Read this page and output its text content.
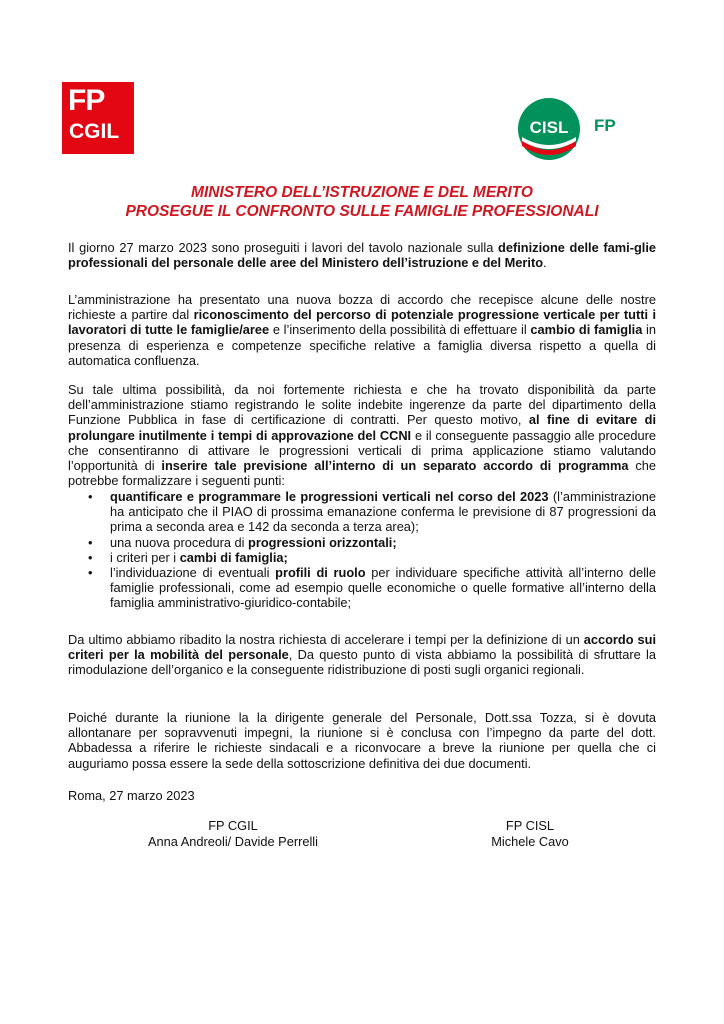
FP
CGIL	CISL FP
MINISTERO DELL’ISTRUZIONE E DEL MERITO
PROSEGUE IL CONFRONTO SULLE FAMIGLIE PROFESSIONALI

Il giorno 27 marzo 2023 sono proseguiti i lavori del tavolo nazionale sulla definizione delle fami-glie professionali del personale delle aree del Ministero dell’istruzione e del Merito.

L’amministrazione ha presentato una nuova bozza di accordo che recepisce alcune delle nostre richieste a partire dal riconoscimento del percorso di potenziale progressione verticale per tutti i lavoratori di tutte le famiglie/aree e l’inserimento della possibilità di effettuare il cambio di famiglia in presenza di esperienza e competenze specifiche relative a famiglia diversa rispetto a quella di automatica confluenza.

Su tale ultima possibilità, da noi fortemente richiesta e che ha trovato disponibilità da parte dell’amministrazione stiamo registrando le solite indebite ingerenze da parte del dipartimento della Funzione Pubblica in fase di certificazione di contratti. Per questo motivo, al fine di evitare di prolungare inutilmente i tempi di approvazione del CCNI e il conseguente passaggio alle procedure che consentiranno di attivare le progressioni verticali di prima applicazione stiamo valutando l’opportunità di inserire tale previsione all’interno di un separato accordo di programma che potrebbe formalizzare i seguenti punti:

• quantificare e programmare le progressioni verticali nel corso del 2023 (l’amministrazione ha anticipato che il PIAO di prossima emanazione conferma le previsione di 87 progressioni da prima a seconda area e 142 da seconda a terza area);
• una nuova procedura di progressioni orizzontali;
• i criteri per i cambi di famiglia;
• l’individuazione di eventuali profili di ruolo per individuare specifiche attività all’interno delle famiglie professionali, come ad esempio quelle economiche o quelle formative all’interno della famiglia amministrativo-giuridico-contabile;

Da ultimo abbiamo ribadito la nostra richiesta di accelerare i tempi per la definizione di un accordo sui criteri per la mobilità del personale, Da questo punto di vista abbiamo la possibilità di sfruttare la rimodulazione dell’organico e la conseguente ridistribuzione di posti sugli organici regionali.

Poiché durante la riunione la la dirigente generale del Personale, Dott.ssa Tozza, si è dovuta allontanare per sopravvenuti impegni, la riunione si è conclusa con l’impegno da parte del dott. Abbadessa a riferire le richieste sindacali e a riconvocare a breve la riunione per quella che ci auguriamo possa essere la sede della sottoscrizione definitiva dei due documenti.

Roma, 27 marzo 2023

FP CGIL
Anna Andreoli/ Davide Perrelli
FP CISL
Michele Cavo
